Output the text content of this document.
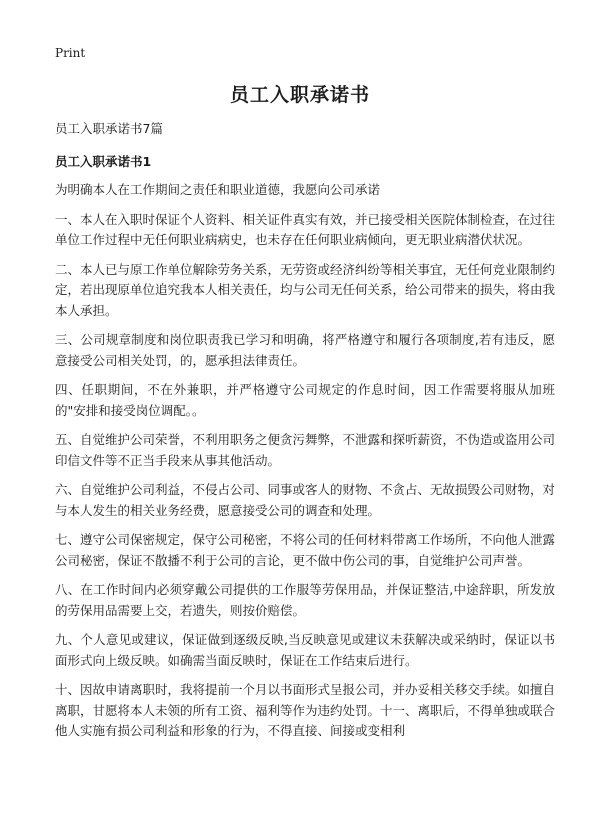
Print
员工入职承诺书

员工入职承诺书7篇

员工入职承诺书1

为明确本人在工作期间之责任和职业道德，我愿向公司承诺

一、本人在入职时保证个人资料、相关证件真实有效，并已接受相关医院体制检查，在过往单位工作过程中无任何职业病病史，也未存在任何职业病倾向，更无职业病潜伏状况。

二、本人已与原工作单位解除劳务关系，无劳资或经济纠纷等相关事宜，无任何竞业限制约定，若出现原单位追究我本人相关责任，均与公司无任何关系，给公司带来的损失，将由我本人承担。

三、公司规章制度和岗位职责我已学习和明确，将严格遵守和履行各项制度,若有违反，愿意接受公司相关处罚，的，愿承担法律责任。

四、任职期间，不在外兼职，并严格遵守公司规定的作息时间，因工作需要将服从加班的"安排和接受岗位调配。。

五、自觉维护公司荣誉，不利用职务之便贪污舞弊，不泄露和探听薪资，不伪造或盗用公司印信文件等不正当手段来从事其他活动。

六、自觉维护公司利益，不侵占公司、同事或客人的财物、不贪占、无故损毁公司财物，对与本人发生的相关业务经费，愿意接受公司的调查和处理。

七、遵守公司保密规定，保守公司秘密，不将公司的任何材料带离工作场所，不向他人泄露公司秘密，保证不散播不利于公司的言论，更不做中伤公司的事，自觉维护公司声誉。

八、在工作时间内必须穿戴公司提供的工作服等劳保用品，并保证整洁,中途辞职，所发放的劳保用品需要上交，若遗失，则按价赔偿。

九、个人意见或建议，保证做到逐级反映,当反映意见或建议未获解决或采纳时，保证以书面形式向上级反映。如确需当面反映时，保证在工作结束后进行。

十、因故申请离职时，我将提前一个月以书面形式呈报公司，并办妥相关移交手续。如擅自离职，甘愿将本人未领的所有工资、福利等作为违约处罚。十一、离职后，不得单独或联合他人实施有损公司利益和形象的行为，不得直接、间接或变相利
